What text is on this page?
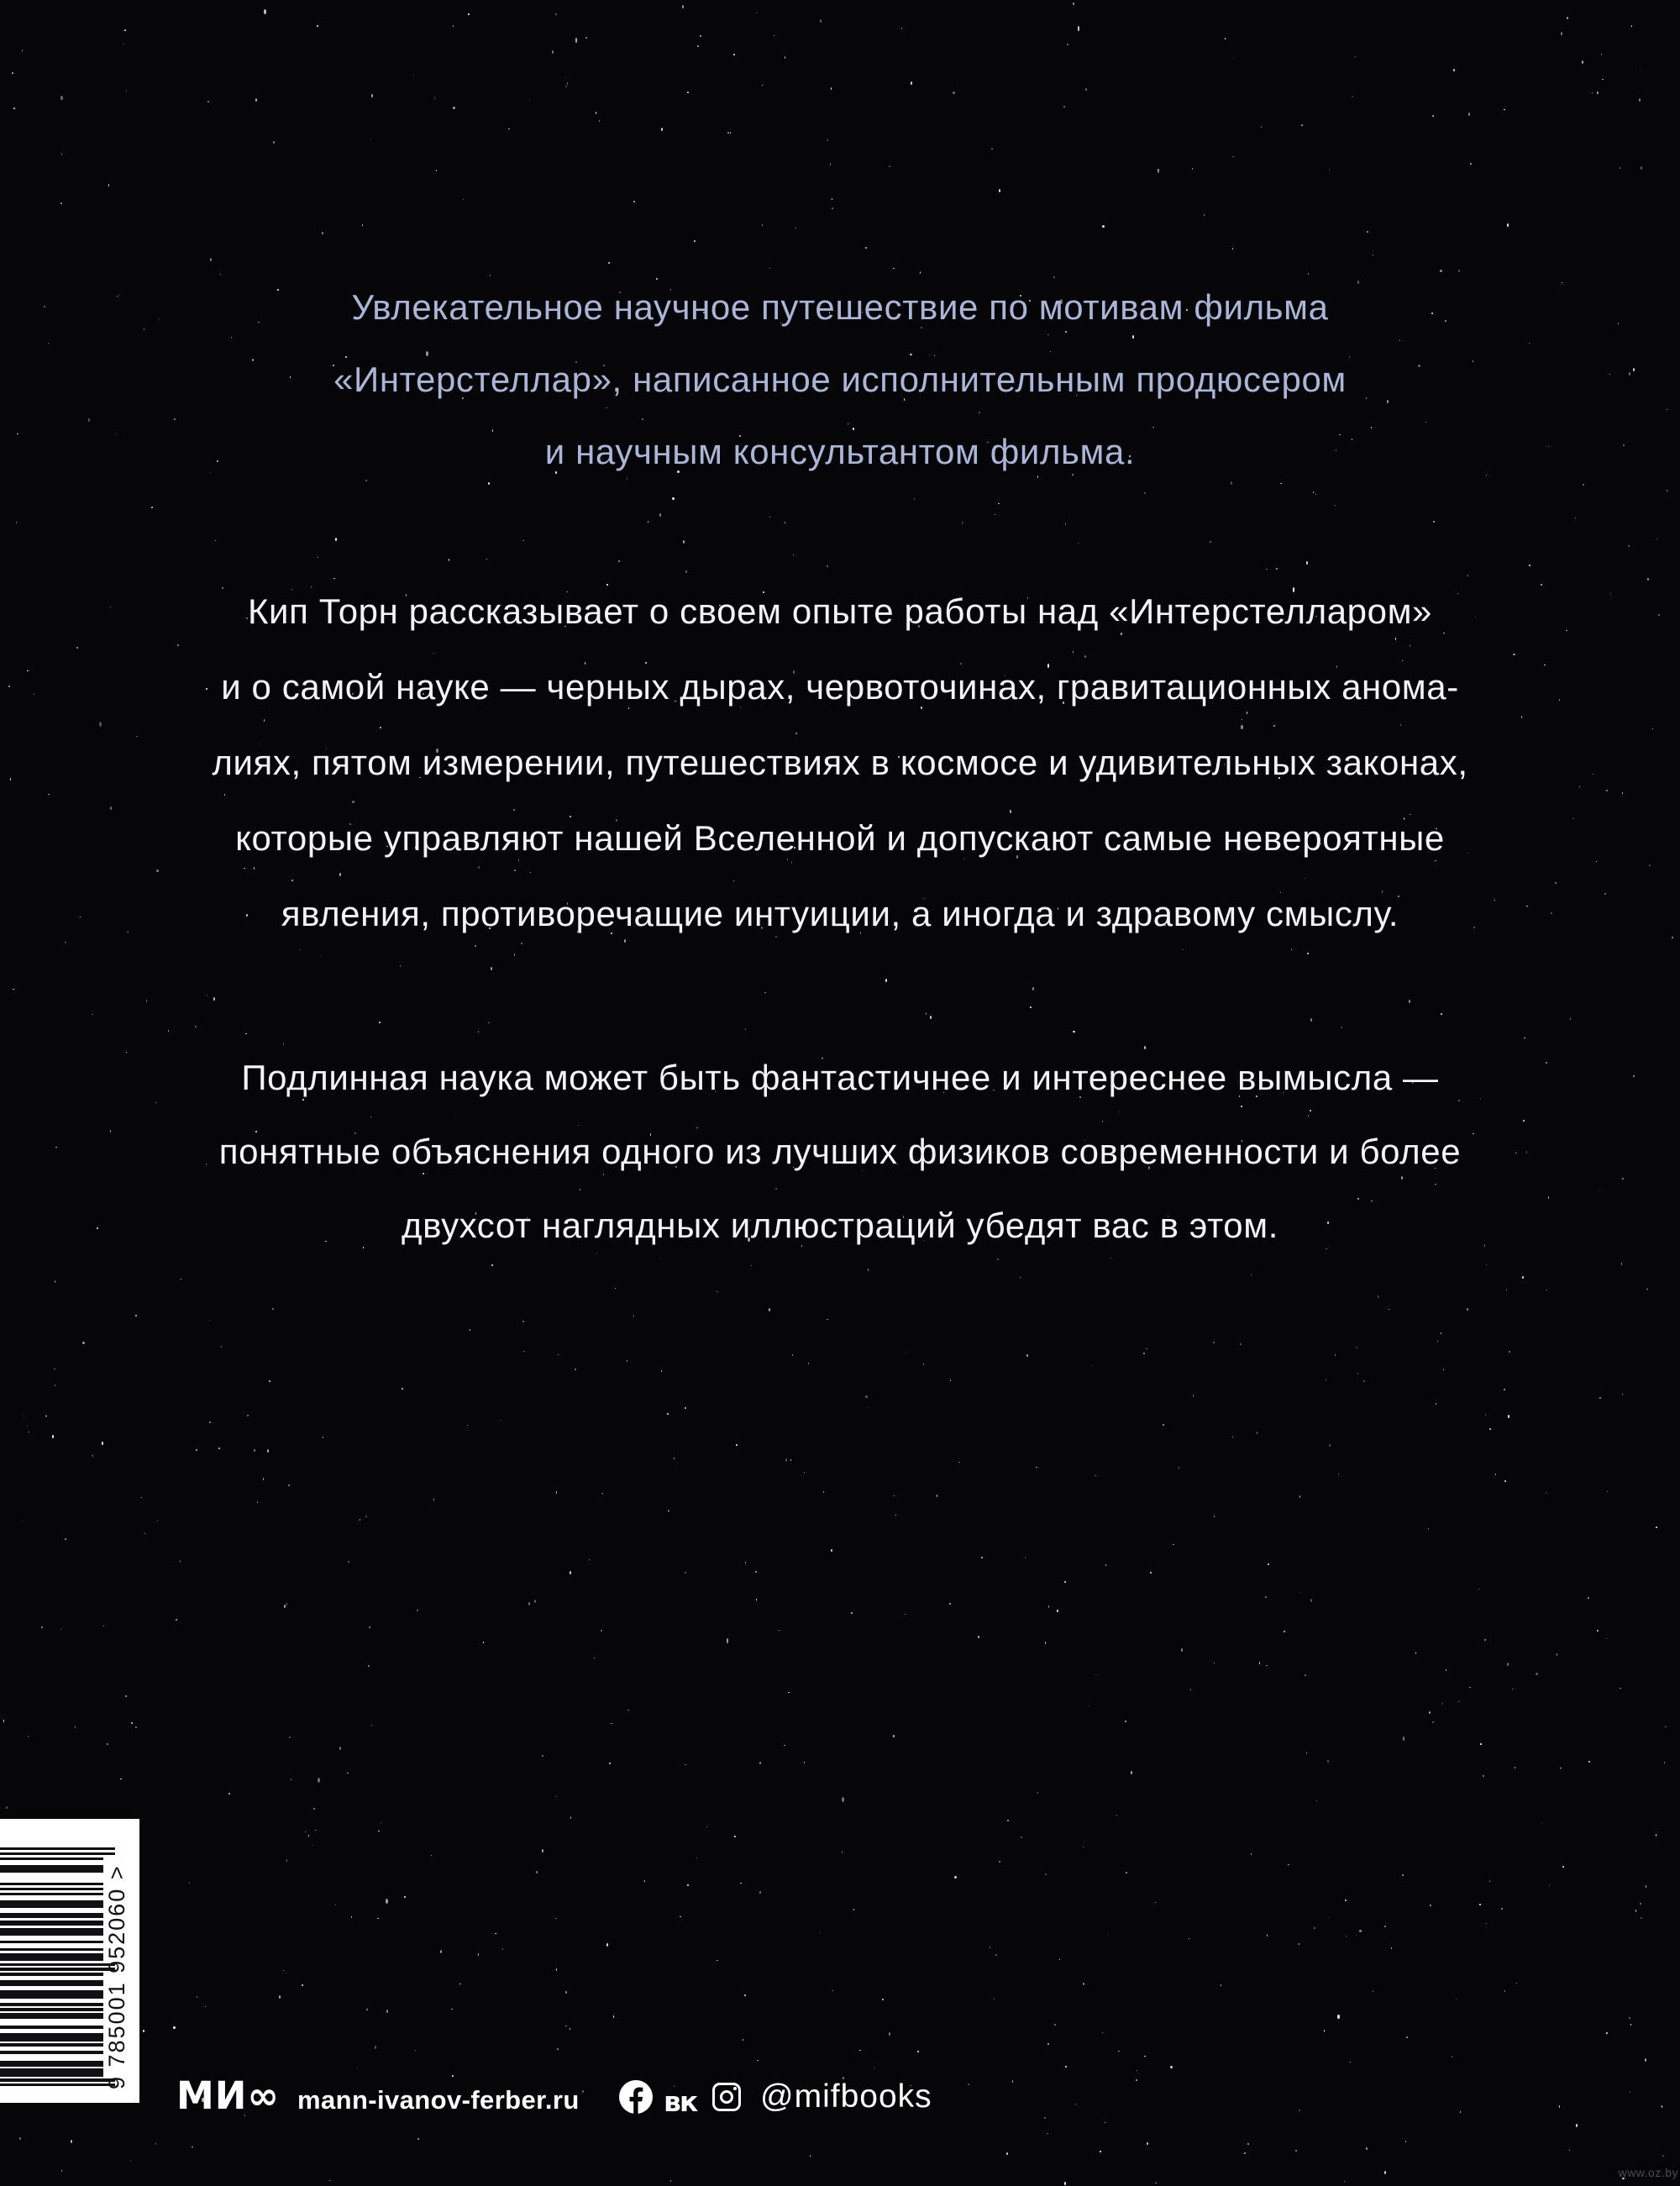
Увлекательное научное путешествие по мотивам фильма
«Интерстеллар», написанное исполнительным продюсером
и научным консультантом фильма.
Кип Торн рассказывает о своем опыте работы над «Интерстелларом»
и о самой науке — черных дырах, червоточинах, гравитационных анома-
лиях, пятом измерении, путешествиях в космосе и удивительных законах,
которые управляют нашей Вселенной и допускают самые невероятные
явления, противоречащие интуиции, а иногда и здравому смыслу.
Подлинная наука может быть фантастичнее и интереснее вымысла —
понятные объяснения одного из лучших физиков современности и более
двухсот наглядных иллюстраций убедят вас в этом.
9 785001 952060 >
МИ∞ mann-ivanov-ferber.ru	вк @mifbooks
www.oz.by
